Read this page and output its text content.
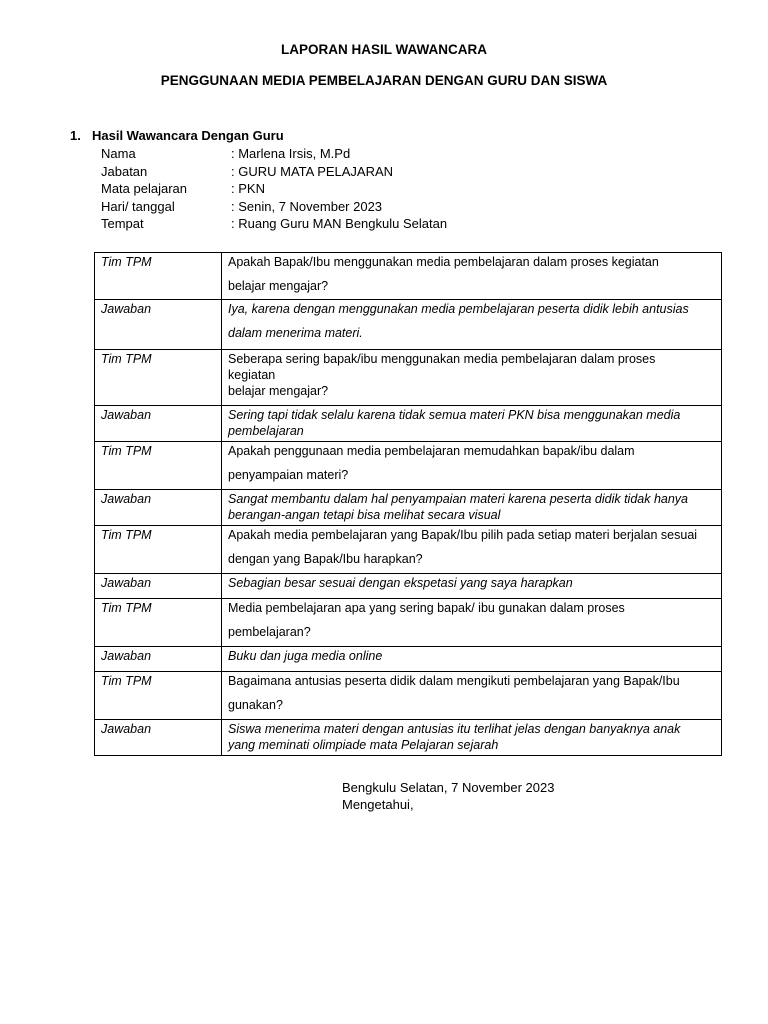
LAPORAN HASIL WAWANCARA
PENGGUNAAN MEDIA PEMBELAJARAN DENGAN GURU DAN SISWA
1. Hasil Wawancara Dengan Guru
Nama	: Marlena Irsis, M.Pd
Jabatan	: GURU MATA PELAJARAN
Mata pelajaran	: PKN
Hari/ tanggal	: Senin, 7 November 2023
Tempat	: Ruang Guru MAN Bengkulu Selatan
Tim TPM	Apakah Bapak/Ibu menggunakan media pembelajaran dalam proses kegiatan
belajar mengajar?

Jawaban	Iya, karena dengan menggunakan media pembelajaran peserta didik lebih antusias
dalam menerima materi.

Tim TPM	Seberapa sering bapak/ibu menggunakan media pembelajaran dalam proses
kegiatan
belajar mengajar?

Jawaban	Sering tapi tidak selalu karena tidak semua materi PKN bisa menggunakan media
pembelajaran

Tim TPM	Apakah penggunaan media pembelajaran memudahkan bapak/ibu dalam
penyampaian materi?

Jawaban	Sangat membantu dalam hal penyampaian materi karena peserta didik tidak hanya
berangan-angan tetapi bisa melihat secara visual

Tim TPM	Apakah media pembelajaran yang Bapak/Ibu pilih pada setiap materi berjalan sesuai
dengan yang Bapak/Ibu harapkan?

Jawaban	Sebagian besar sesuai dengan ekspetasi yang saya harapkan

Tim TPM	Media pembelajaran apa yang sering bapak/ ibu gunakan dalam proses
pembelajaran?

Jawaban	Buku dan juga media online

Tim TPM	Bagaimana antusias peserta didik dalam mengikuti pembelajaran yang Bapak/Ibu
gunakan?

Jawaban	Siswa menerima materi dengan antusias itu terlihat jelas dengan banyaknya anak
yang meminati olimpiade mata Pelajaran sejarah
Bengkulu Selatan, 7 November 2023
Mengetahui,
